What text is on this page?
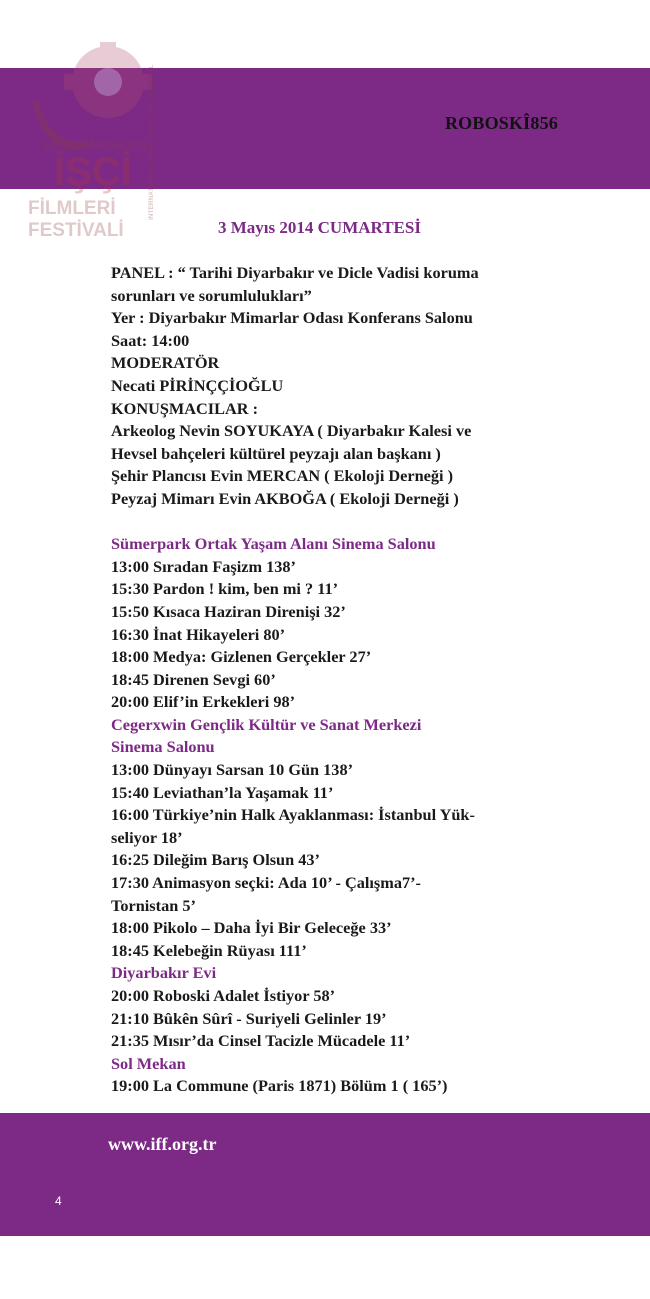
ROBOSKÎ856
ULUSLARARASI
İŞÇİ
FİLMLERİ
FESTİVALİ
INTERNATIONAL LABOR FILM & VIDEO FESTIVAL
3 Mayıs 2014 CUMARTESİ
PANEL : “ Tarihi Diyarbakır ve Dicle Vadisi koruma
sorunları ve sorumlulukları”
Yer : Diyarbakır Mimarlar Odası Konferans Salonu
Saat: 14:00
MODERATÖR
Necati PİRİNÇÇİOĞLU
KONUŞMACILAR :
Arkeolog Nevin SOYUKAYA ( Diyarbakır Kalesi ve
Hevsel bahçeleri kültürel peyzajı alan başkanı )
Şehir Plancısı Evin MERCAN ( Ekoloji Derneği )
Peyzaj Mimarı Evin AKBOĞA ( Ekoloji Derneği )
Sümerpark Ortak Yaşam Alanı Sinema Salonu
13:00 Sıradan Faşizm 138’
15:30 Pardon ! kim, ben mi ? 11’
15:50 Kısaca Haziran Direnişi 32’
16:30 İnat Hikayeleri 80’
18:00 Medya: Gizlenen Gerçekler 27’
18:45 Direnen Sevgi 60’
20:00 Elif’in Erkekleri 98’
Cegerxwin Gençlik Kültür ve Sanat Merkezi
Sinema Salonu
13:00 Dünyayı Sarsan 10 Gün 138’
15:40 Leviathan’la Yaşamak 11’
16:00 Türkiye’nin Halk Ayaklanması: İstanbul Yük-
seliyor 18’
16:25 Dileğim Barış Olsun 43’
17:30 Animasyon seçki: Ada 10’ - Çalışma7’-
Tornistan 5’
18:00 Pikolo – Daha İyi Bir Geleceğe 33’
18:45 Kelebeğin Rüyası 111’
Diyarbakır Evi
20:00 Roboski Adalet İstiyor 58’
21:10 Bûkên Sûrî - Suriyeli Gelinler 19’
21:35 Mısır’da Cinsel Tacizle Mücadele 11’
Sol Mekan
19:00 La Commune (Paris 1871) Bölüm 1 ( 165’)
www.iff.org.tr
4
